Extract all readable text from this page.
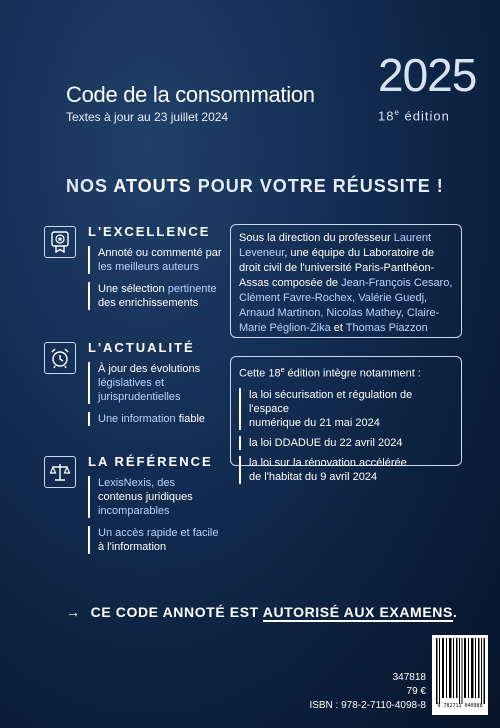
Code de la consommation
Textes à jour au 23 juillet 2024
2025
18e édition
NOS ATOUTS POUR VOTRE RÉUSSITE !
L'EXCELLENCE
Annoté ou commenté par
les meilleurs auteurs
Une sélection pertinente
des enrichissements
L'ACTUALITÉ
À jour des évolutions
législatives et jurisprudentielles
Une information fiable
LA RÉFÉRENCE
LexisNexis, des
contenus juridiques
incomparables
Un accès rapide et facile
à l'information
Sous la direction du professeur Laurent Leveneur, une équipe du Laboratoire de droit civil de l'université Paris-Panthéon-Assas composée de Jean-François Cesaro, Clément Favre-Rochex, Valérie Guedj, Arnaud Martinon, Nicolas Mathey, Claire-Marie Péglion-Zika et Thomas Piazzon
Cette 18e édition intègre notamment :
la loi sécurisation et régulation de l'espace
numérique du 21 mai 2024
la loi DDADUE du 22 avril 2024
la loi sur la rénovation accélérée
de l'habitat du 9 avril 2024
→ CE CODE ANNOTÉ EST AUTORISÉ AUX EXAMENS.
347818
79 €
ISBN : 978-2-7110-4098-8	9 782711 040988
